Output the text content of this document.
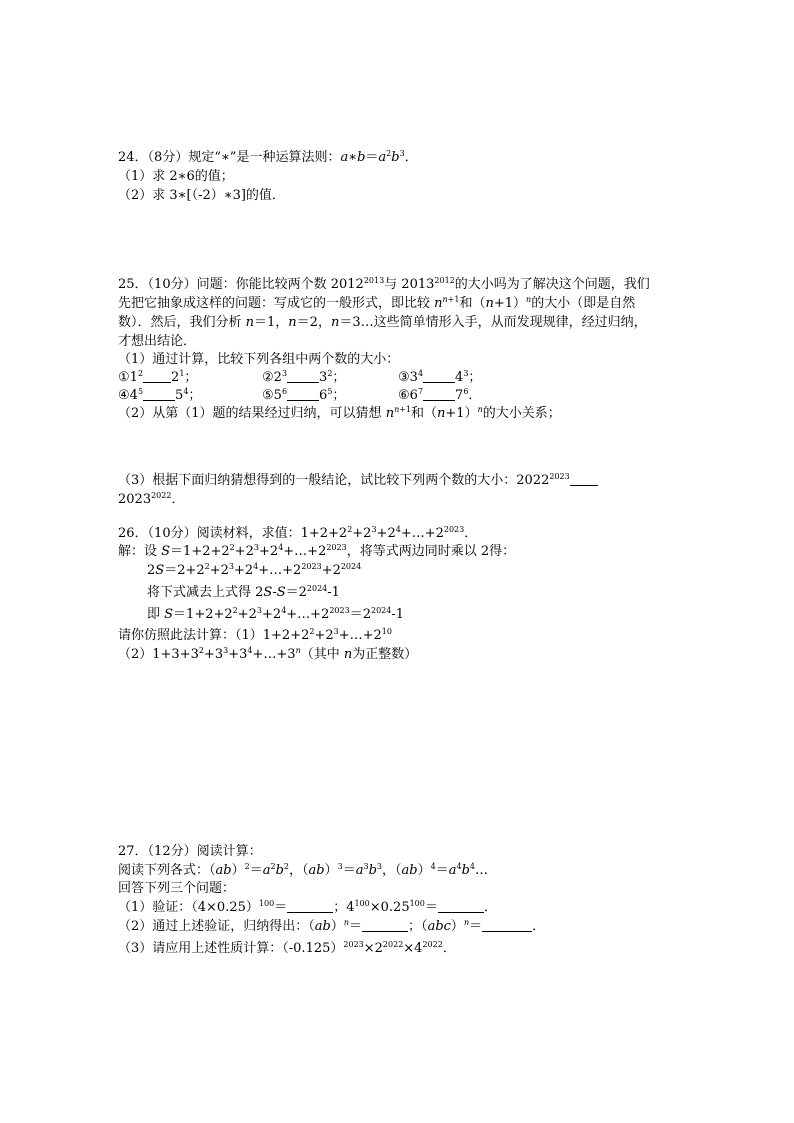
24．（8分）规定“∗”是一种运算法则：$a∗b=a^2b^3$．
（1）求 2∗6的值；
（2）求 3∗[（-2）∗3]的值．
25．（10分）问题：你能比较两个数 $2012^{2013}$与 $2013^{2012}$的大小吗为了解决这个问题，我们
先把它抽象成这样的问题：写成它的一般形式，即比较 $n^{n+1}$和$(n+1)^n$的大小（即是自然
数）．然后，我们分析 n＝1，n＝2，n＝3…这些简单情形入手，从而发现规律，经过归纳，
才想出结论．
（1）通过计算，比较下列各组中两个数的大小：
$①1^2$ $2^1$；	$②2^3$ $3^2$；	$③3^4$ $4^3$；
$④4^5$ $5^4$；	$⑤5^6$ $6^5$；	$⑥6^7$ $7^6$．
（2）从第（1）题的结果经过归纳，可以猜想 $n^{n+1}$和$(n+1)^n$的大小关系；
（3）根据下面归纳猜想得到的一般结论，试比较下列两个数的大小：$2022^{2023}$
$2023^{2022}$．
26．（10分）阅读材料，求值：$1+2+2^2+2^3+2^4+\dots+2^{2023}$．
解：设 $S=1+2+2^2+2^3+2^4+\dots+2^{2023}$，将等式两边同时乘以 2得：
$2S=2+2^2+2^3+2^4+\dots+2^{2023}+2^{2024}$
将下式减去上式得 $2S-S=2^{2024}-1$
即 $S=1+2+2^2+2^3+2^4+\dots+2^{2023}=2^{2024}-1$
请你仿照此法计算：$(1)1+2+2^2+2^3+\dots+2^{10}$
$(2)1+3+3^2+3^3+3^4+\dots+3^n$（其中 n为正整数）
27．（12分）阅读计算：
阅读下列各式：$(ab)^2=a^2b^2$，$(ab)^3=a^3b^3$，$(ab)^4=a^4b^4\dots$
回答下列三个问题：
（1）验证：$(4\times 0.25)^{100}=$	；$4^{100}\times 0.25^{100}=$	．
（2）通过上述验证，归纳得出：（ab）$^n$＝	；（abc）$^n$＝	．
（3）请应用上述性质计算：$(-0.125)^{2023}\times 2^{2022}\times 4^{2022}$．
